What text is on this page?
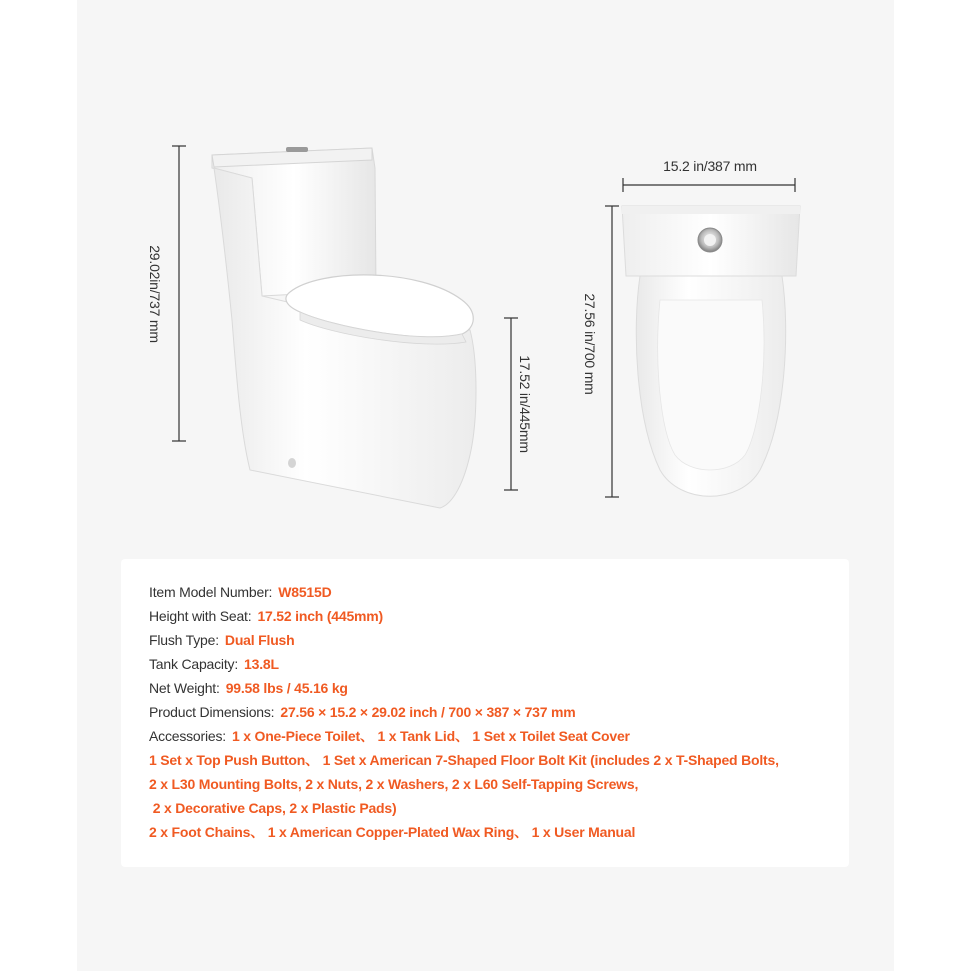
29.02in/737 mm
17.52 in/445mm
15.2 in/387 mm
27.56 in/700 mm
Item Model Number: W8515D
Height with Seat: 17.52 inch (445mm)
Flush Type: Dual Flush
Tank Capacity: 13.8L
Net Weight: 99.58 lbs / 45.16 kg
Product Dimensions: 27.56 × 15.2 × 29.02 inch / 700 × 387 × 737 mm
Accessories: 1 x One-Piece Toilet、 1 x Tank Lid、 1 Set x Toilet Seat Cover
1 Set x Top Push Button、 1 Set x American 7-Shaped Floor Bolt Kit (includes 2 x T-Shaped Bolts,
2 x L30 Mounting Bolts, 2 x Nuts, 2 x Washers, 2 x L60 Self-Tapping Screws,
2 x Decorative Caps, 2 x Plastic Pads)
2 x Foot Chains、 1 x American Copper-Plated Wax Ring、 1 x User Manual
